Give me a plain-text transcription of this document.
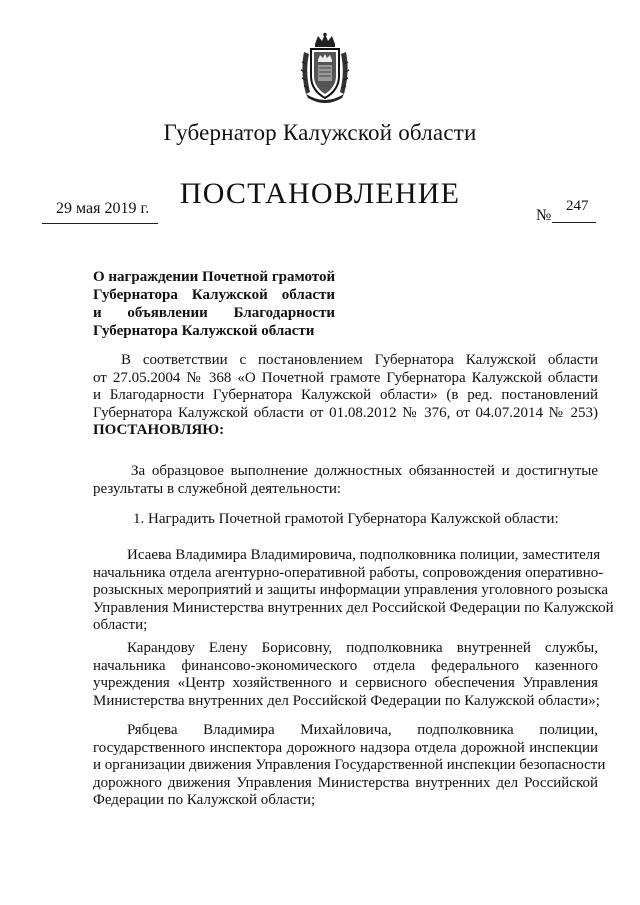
Губернатор Калужской области
ПОСТАНОВЛЕНИЕ
29 мая 2019 г.	№
247
О награждении Почетной грамотой
Губернатора Калужской области
и объявлении Благодарности
Губернатора Калужской области
В соответствии с постановлением Губернатора Калужской области
от 27.05.2004 № 368 «О Почетной грамоте Губернатора Калужской области
и Благодарности Губернатора Калужской области» (в ред. постановлений
Губернатора Калужской области от 01.08.2012 № 376, от 04.07.2014 № 253)
ПОСТАНОВЛЯЮ:
За образцовое выполнение должностных обязанностей и достигнутые
результаты в служебной деятельности:
1. Наградить Почетной грамотой Губернатора Калужской области:
Исаева Владимира Владимировича, подполковника полиции, заместителя
начальника отдела агентурно-оперативной работы, сопровождения оперативно-
розыскных мероприятий и защиты информации управления уголовного розыска
Управления Министерства внутренних дел Российской Федерации по Калужской
области;
Карандову Елену Борисовну, подполковника внутренней службы,
начальника финансово-экономического отдела федерального казенного
учреждения «Центр хозяйственного и сервисного обеспечения Управления
Министерства внутренних дел Российской Федерации по Калужской области»;
Рябцева Владимира Михайловича, подполковника полиции,
государственного инспектора дорожного надзора отдела дорожной инспекции
и организации движения Управления Государственной инспекции безопасности
дорожного движения Управления Министерства внутренних дел Российской
Федерации по Калужской области;
